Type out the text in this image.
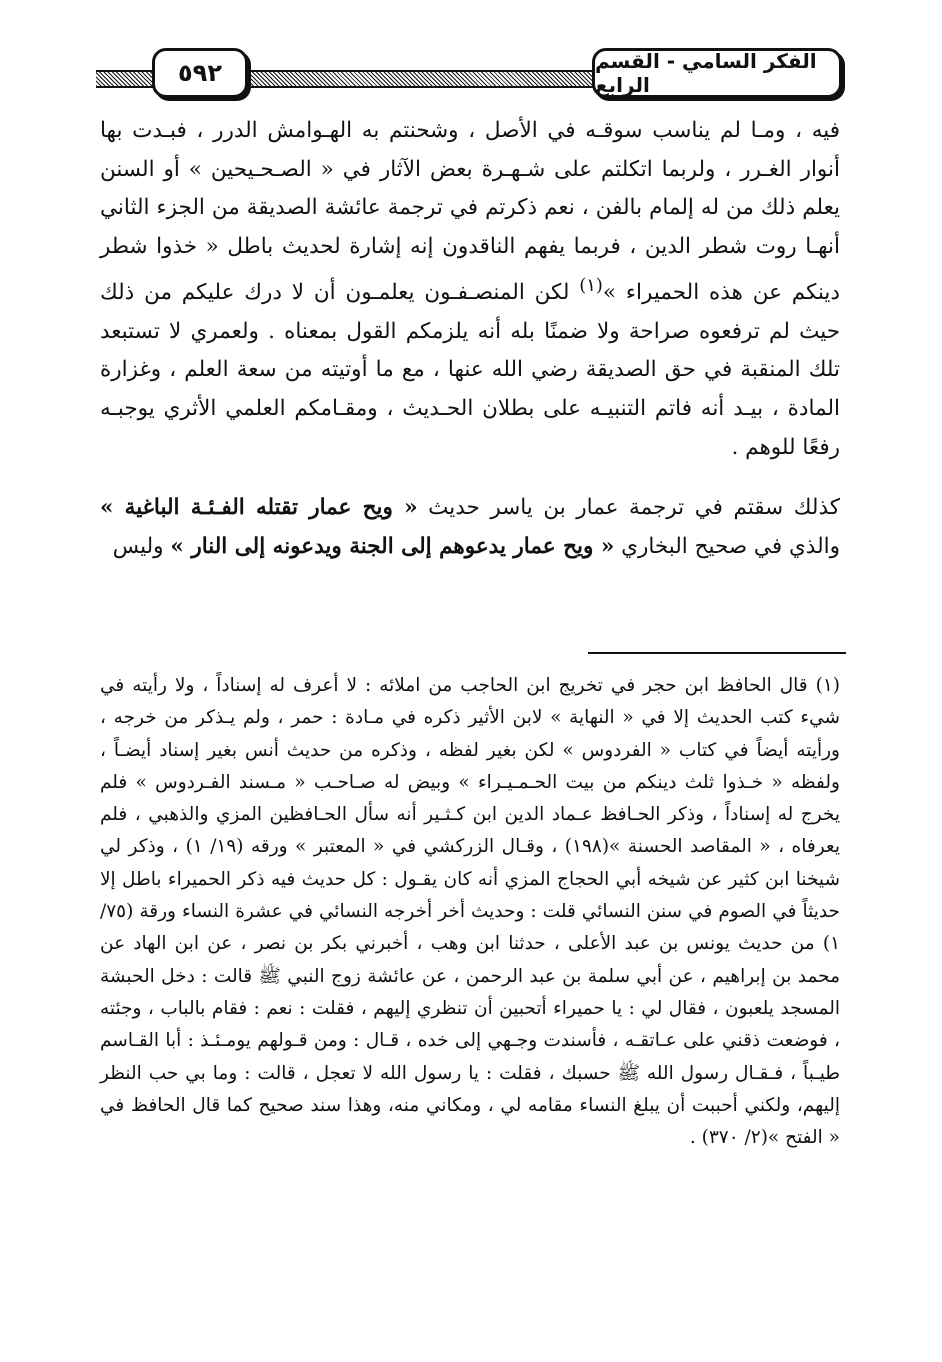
الفكر السامي - القسم الرابع
٥٩٢

فيه ، ومـا لم يناسب سوقـه في الأصل ، وشحنتم به الهـوامش الدرر ، فبـدت بها أنوار الغـرر ، ولربما اتكلتم على شـهـرة بعض الآثار في « الصـحـيحين » أو السنن يعلم ذلك من له إلمام بالفن ، نعم ذكرتم في ترجمة عائشة الصديقة من الجزء الثاني أنهـا روت شطر الدين ، فربما يفهم الناقدون إنه إشارة لحديث باطل « خذوا شطر دينكم عن هذه الحميراء »$^{(١)}$ لكن المنصـفـون يعلمـون أن لا درك عليكم من ذلك حيث لم ترفعوه صراحة ولا ضمنًا بله أنه يلزمكم القول بمعناه . ولعمري لا تستبعد تلك المنقبة في حق الصديقة رضي الله عنها ، مع ما أوتيته من سعة العلم ، وغزارة المادة ، بيـد أنه فاتم التنبيـه على بطلان الحـديث ، ومقـامكم العلمي الأثري يوجبـه رفعًا للوهم .

كذلك سقتم في ترجمة عمار بن ياسر حديث « ويح عمار تقتله الفـئـة الباغية » والذي في صحيح البخاري « ويح عمار يدعوهم إلى الجنة ويدعونه إلى النار » وليس

(١) قال الحافظ ابن حجر في تخريج ابن الحاجب من املائه : لا أعرف له إسناداً ، ولا رأيته في شيء كتب الحديث إلا في « النهاية » لابن الأثير ذكره في مـادة : حمر ، ولم يـذكر من خرجه ، ورأيته أيضاً في كتاب « الفردوس » لكن بغير لفظه ، وذكره من حديث أنس بغير إسناد أيضـاً ، ولفظه « خـذوا ثلث دينكم من بيت الحـمـيـراء » وبيض له صـاحـب « مـسند الفـردوس » فلم يخرج له إسناداً ، وذكر الحـافظ عـماد الدين ابن كـثـير أنه سأل الحـافظين المزي والذهبي ، فلم يعرفاه ، « المقاصد الحسنة »(١٩٨) ، وقـال الزركشي في « المعتبر » ورقه (١٩/ ١) ، وذكر لي شيخنا ابن كثير عن شيخه أبي الحجاج المزي أنه كان يقـول : كل حديث فيه ذكر الحميراء باطل إلا حديثاً في الصوم في سنن النسائي قلت : وحديث أخر أخرجه النسائي في عشرة النساء ورقة (٧٥/ ١) من حديث يونس بن عبد الأعلى ، حدثنا ابن وهب ، أخبرني بكر بن نصر ، عن ابن الهاد عن محمد بن إبراهيم ، عن أبي سلمة بن عبد الرحمن ، عن عائشة زوج النبي ﷺ قالت : دخل الحبشة المسجد يلعبون ، فقال لي : يا حميراء أتحبين أن تنظري إليهم ، فقلت : نعم : فقام بالباب ، وجئته ، فوضعت ذقني على عـاتقـه ، فأسندت وجـهي إلى خده ، قـال : ومن قـولهم يومـئـذ : أبا القـاسم طيـباً ، فـقـال رسول الله ﷺ حسبك ، فقلت : يا رسول الله لا تعجل ، قالت : وما بي حب النظر إليهم، ولكني أحببت أن يبلغ النساء مقامه لي ، ومكاني منه، وهذا سند صحيح كما قال الحافظ في « الفتح »(٢/ ٣٧٠) .
